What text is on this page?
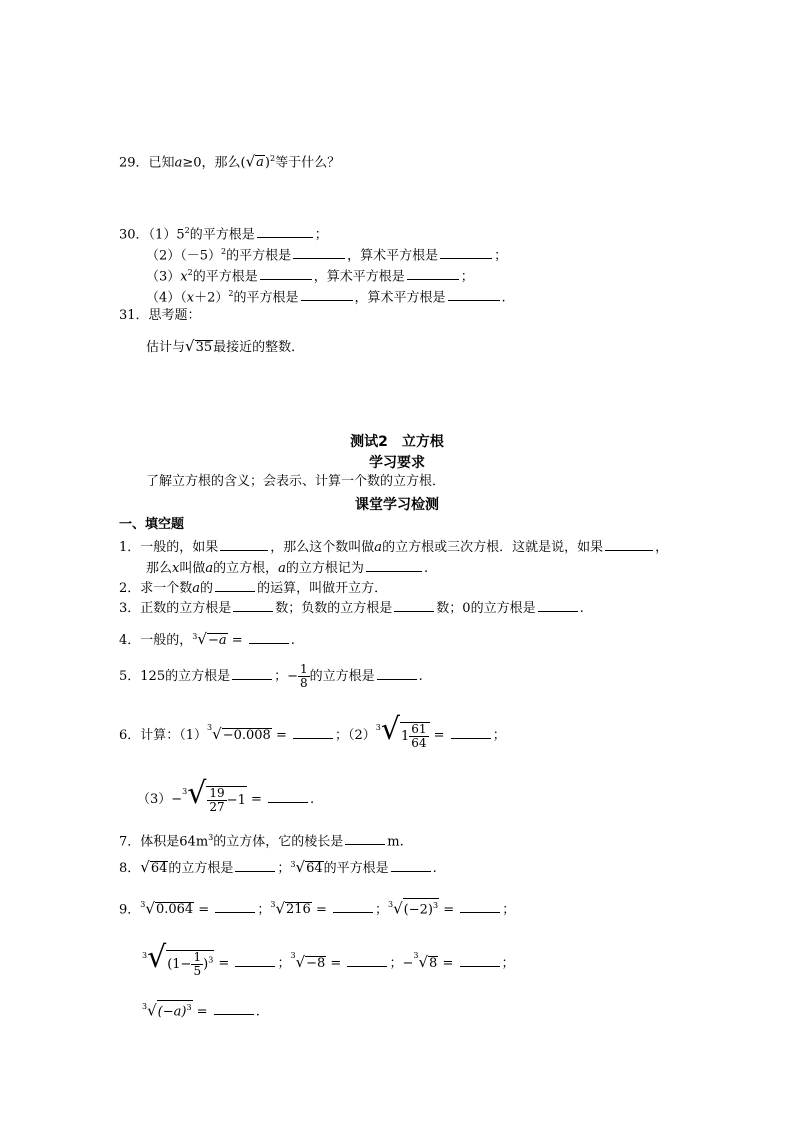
29．已知a≥0，那么$(√a)^2$等于什么？
30．$(1)5^2$的平方根是	；
$(2)(-5)^2$的平方根是	，算术平方根是	；
$(3)x^2$的平方根是	，算术平方根是	；
$(4)(x+2)^2$的平方根是	，算术平方根是	.
31．思考题：
估计与√35最接近的整数．
测试2　立方根
学习要求
了解立方根的含义；会表示、计算一个数的立方根．
课堂学习检测
一、填空题
1．一般的，如果	，那么这个数叫做a的立方根或三次方根．这就是说，如果	，
那么x叫做a的立方根，a的立方根记为	.
2．求一个数a的	的运算，叫做开立方．
3．正数的立方根是	数；负数的立方根是	数；0的立方根是	.
4．一般的，$^3$√−a =	.
5．125的立方根是	；− $\frac{1}{8}$ 的立方根是	.
6．计算：$(1)^3√-0.008$ =	；$(2)^3√1 \frac{61}{64}$ =	；
$(3)-^3√ \frac{19}{27} -1$ =	.
7．体积是$64m^3$的立方体，它的棱长是	m.
8．√64的立方根是	；$^3$√64的平方根是	.
9．$^3$√0.064 =	；$^3$√216 =	；$^3√(-2)^3$ =	；
$^3√(1- \frac{1}{5} )^3$ =	；$^3$√−8 =	；−$^3$√8 =	；
$^3√(-a)^3$ =	.
